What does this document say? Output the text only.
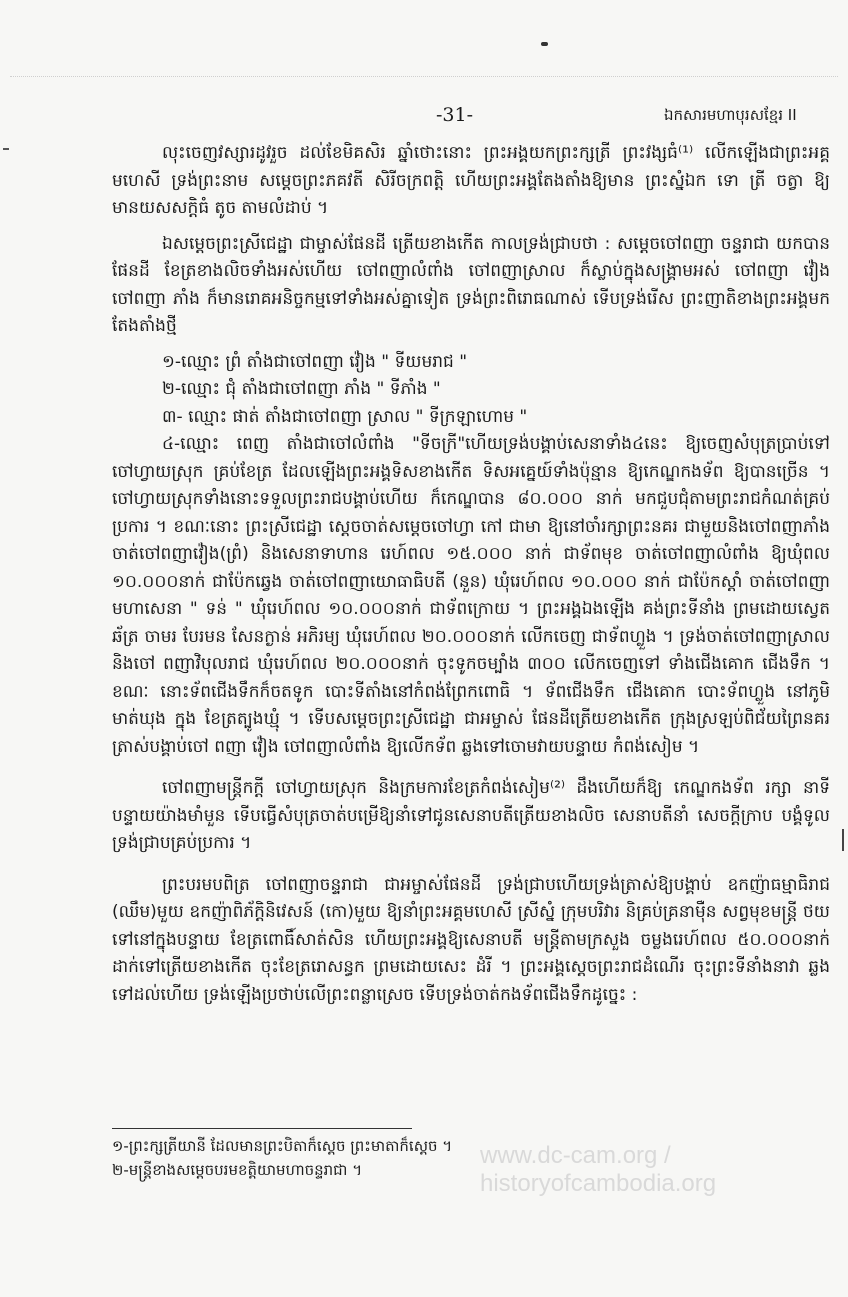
-31-	ឯកសារមហាបុរសខ្មែរ II

លុះចេញវស្សារដូវរួច ដល់ខែមិគសិរ ឆ្នាំថោះនោះ ព្រះអង្គយកព្រះក្សត្រី ព្រះវង្សធំ⁽¹⁾ លើកឡើងជាព្រះអគ្គមហេសី ទ្រង់ព្រះនាម សម្ដេចព្រះភគវតី សិរីចក្រពត្តិ ហើយព្រះអង្គតែងតាំងឱ្យមាន ព្រះស្នំឯក ទោ ត្រី ចត្វា ឱ្យមានយសសក្ដិធំ តូច តាមលំដាប់ ។

ឯសម្ដេចព្រះស្រីជេដ្ឋា ជាម្ចាស់ផែនដី ត្រើយខាងកើត កាលទ្រង់ជ្រាបថា : សម្ដេចចៅពញា ចន្ទរាជា យកបាន ផែនដី ខែត្រខាងលិចទាំងអស់ហើយ ចៅពញាលំពាំង ចៅពញាស្រាល ក៏ស្លាប់ក្នុងសង្គ្រាមអស់ ចៅពញា វ៉ៀង ចៅពញា ភាំង ក៏មានរោគអនិច្ចកម្មទៅទាំងអស់គ្នាទៀត ទ្រង់ព្រះពិរោធណាស់ ទើបទ្រង់រើស ព្រះញាតិខាងព្រះអង្គមកតែងតាំងថ្មី

១-ឈ្មោះ ព្រំ តាំងជាចៅពញា វ៉ៀង " ទីយមរាជ "

២-ឈ្មោះ ជុំ តាំងជាចៅពញា ភាំង " ទីភាំង "

៣- ឈ្មោះ ផាត់ តាំងជាចៅពញា ស្រាល " ទីក្រឡាហោម "

៤-ឈ្មោះ ពេញ តាំងជាចៅលំពាំង "ទីចក្រី"ហើយទ្រង់បង្គាប់សេនាទាំង៤នេះ ឱ្យចេញសំបុត្រប្រាប់ទៅ ចៅហ្វាយស្រុក គ្រប់ខែត្រ ដែលឡើងព្រះអង្គទិសខាងកើត ទិសអគ្នេយ៍ទាំងប៉ុន្មាន ឱ្យកេណ្ឌកងទ័ព ឱ្យបានច្រើន ។ ចៅហ្វាយស្រុកទាំងនោះទទួលព្រះរាជបង្គាប់ហើយ ក៏កេណ្ឌបាន ៨០.០០០ នាក់ មកជួបជុំតាមព្រះរាជកំណត់គ្រប់ប្រការ ។ ខណៈនោះ ព្រះស្រីជេដ្ឋា ស្ដេចចាត់សម្ដេចចៅហ្វា កៅ ជាមា ឱ្យនៅចាំរក្សាព្រះនគរ ជាមួយនិងចៅពញាភាំង ចាត់ចៅពញាវ៉ៀង(ព្រំ) និងសេនាទាហាន រេហ៍ពល ១៥.០០០ នាក់ ជាទ័ពមុខ ចាត់ចៅពញាលំពាំង ឱ្យឃុំពល ១០.០០០នាក់ ជាប៉ែកឆ្វេង ចាត់ចៅពញាយោធាធិបតី (នួន) ឃុំរេហ៍ពល ១០.០០០ នាក់ ជាប៉ែកស្ដាំ ចាត់ចៅពញា មហាសេនា " ទន់ " ឃុំរេហ៍ពល ១០.០០០នាក់ ជាទ័ពក្រោយ ។ ព្រះអង្គឯងឡើង គង់ព្រះទីនាំង ព្រមដោយស្វេតឆ័ត្រ ចាមរ បែរមន សែនក្ងាន់ អភិរម្យ ឃុំរេហ៍ពល ២០.០០០នាក់ លើកចេញ ជាទ័ពហ្លួង ។ ទ្រង់ចាត់ចៅពញាស្រាល និងចៅ ពញាវិបុលរាជ ឃុំរេហ៍ពល ២០.០០០នាក់ ចុះទូកចម្បាំង ៣០០ លើកចេញទៅ ទាំងជើងគោក ជើងទឹក ។ ខណៈ នោះទ័ពជើងទឹកក៏ចតទូក បោះទីតាំងនៅកំពង់ព្រែកពោធិ ។ ទ័ពជើងទឹក ជើងគោក បោះទ័ពហ្លួង នៅភូមិមាត់ឃុង ក្នុង ខែត្រត្បូងឃ្មុំ ។ ទើបសម្ដេចព្រះស្រីជេដ្ឋា ជាអម្ចាស់ ផែនដីត្រើយខាងកើត ក្រុងស្រឡប់ពិជ័យព្រៃនគរ ត្រាស់បង្គាប់ចៅ ពញា វ៉ៀង ចៅពញាលំពាំង ឱ្យលើកទ័ព ឆ្លងទៅចោមវាយបន្ទាយ កំពង់សៀម ។

ចៅពញាមន្ត្រីកក្តី ចៅហ្វាយស្រុក និងក្រមការខែត្រកំពង់សៀម⁽²⁾ ដឹងហើយក៏ឱ្យ កេណ្ឌកងទ័ព រក្សា នាទី បន្ទាយយ៉ាងមាំមួន ទើបធ្វើសំបុត្រចាត់បម្រើឱ្យនាំទៅជូនសេនាបតីត្រើយខាងលិច សេនាបតីនាំ សេចក្ដីក្រាប បង្គំទូល ទ្រង់ជ្រាបគ្រប់ប្រការ ។

ព្រះបរមបពិត្រ ចៅពញាចន្ទរាជា ជាអម្ចាស់ផែនដី ទ្រង់ជ្រាបហើយទ្រង់ត្រាស់ឱ្យបង្គាប់ ឧកញ៉ាធម្មាធិរាជ (ឈឹម)មួយ ឧកញ៉ាពិភ័ក្តិនិវេសន៍ (កោ)មួយ ឱ្យនាំព្រះអគ្គមហេសី ស្រីស្នំ ក្រុមបរិវារ និគ្រប់គ្រនាម៉ឺន សព្វមុខមន្ត្រី ថយទៅនៅក្នុងបន្ទាយ ខែត្រពោធិ៍សាត់សិន ហើយព្រះអង្គឱ្យសេនាបតី មន្ត្រីតាមក្រសួង ចម្លងរេហ៍ពល ៥០.០០០នាក់ ដាក់ទៅត្រើយខាងកើត ចុះខែត្ររោសន្ធក ព្រមដោយសេះ ដំរី ។ ព្រះអង្គស្ដេចព្រះរាជដំណើរ ចុះព្រះទីនាំងនាវា ឆ្លងទៅដល់ហើយ ទ្រង់ឡើងប្រថាប់លើព្រះពន្លាស្រេច ទើបទ្រង់ចាត់កងទ័ពជើងទឹកដូច្នេះ :

១-ព្រះក្សត្រីយានី ដែលមានព្រះបិតាក៏ស្ដេច ព្រះមាតាក៏ស្ដេច ។

២-មន្ត្រីខាងសម្ដេចបរមខត្តិយាមហាចន្ទរាជា ។

www.dc-cam.org / historyofcambodia.org
